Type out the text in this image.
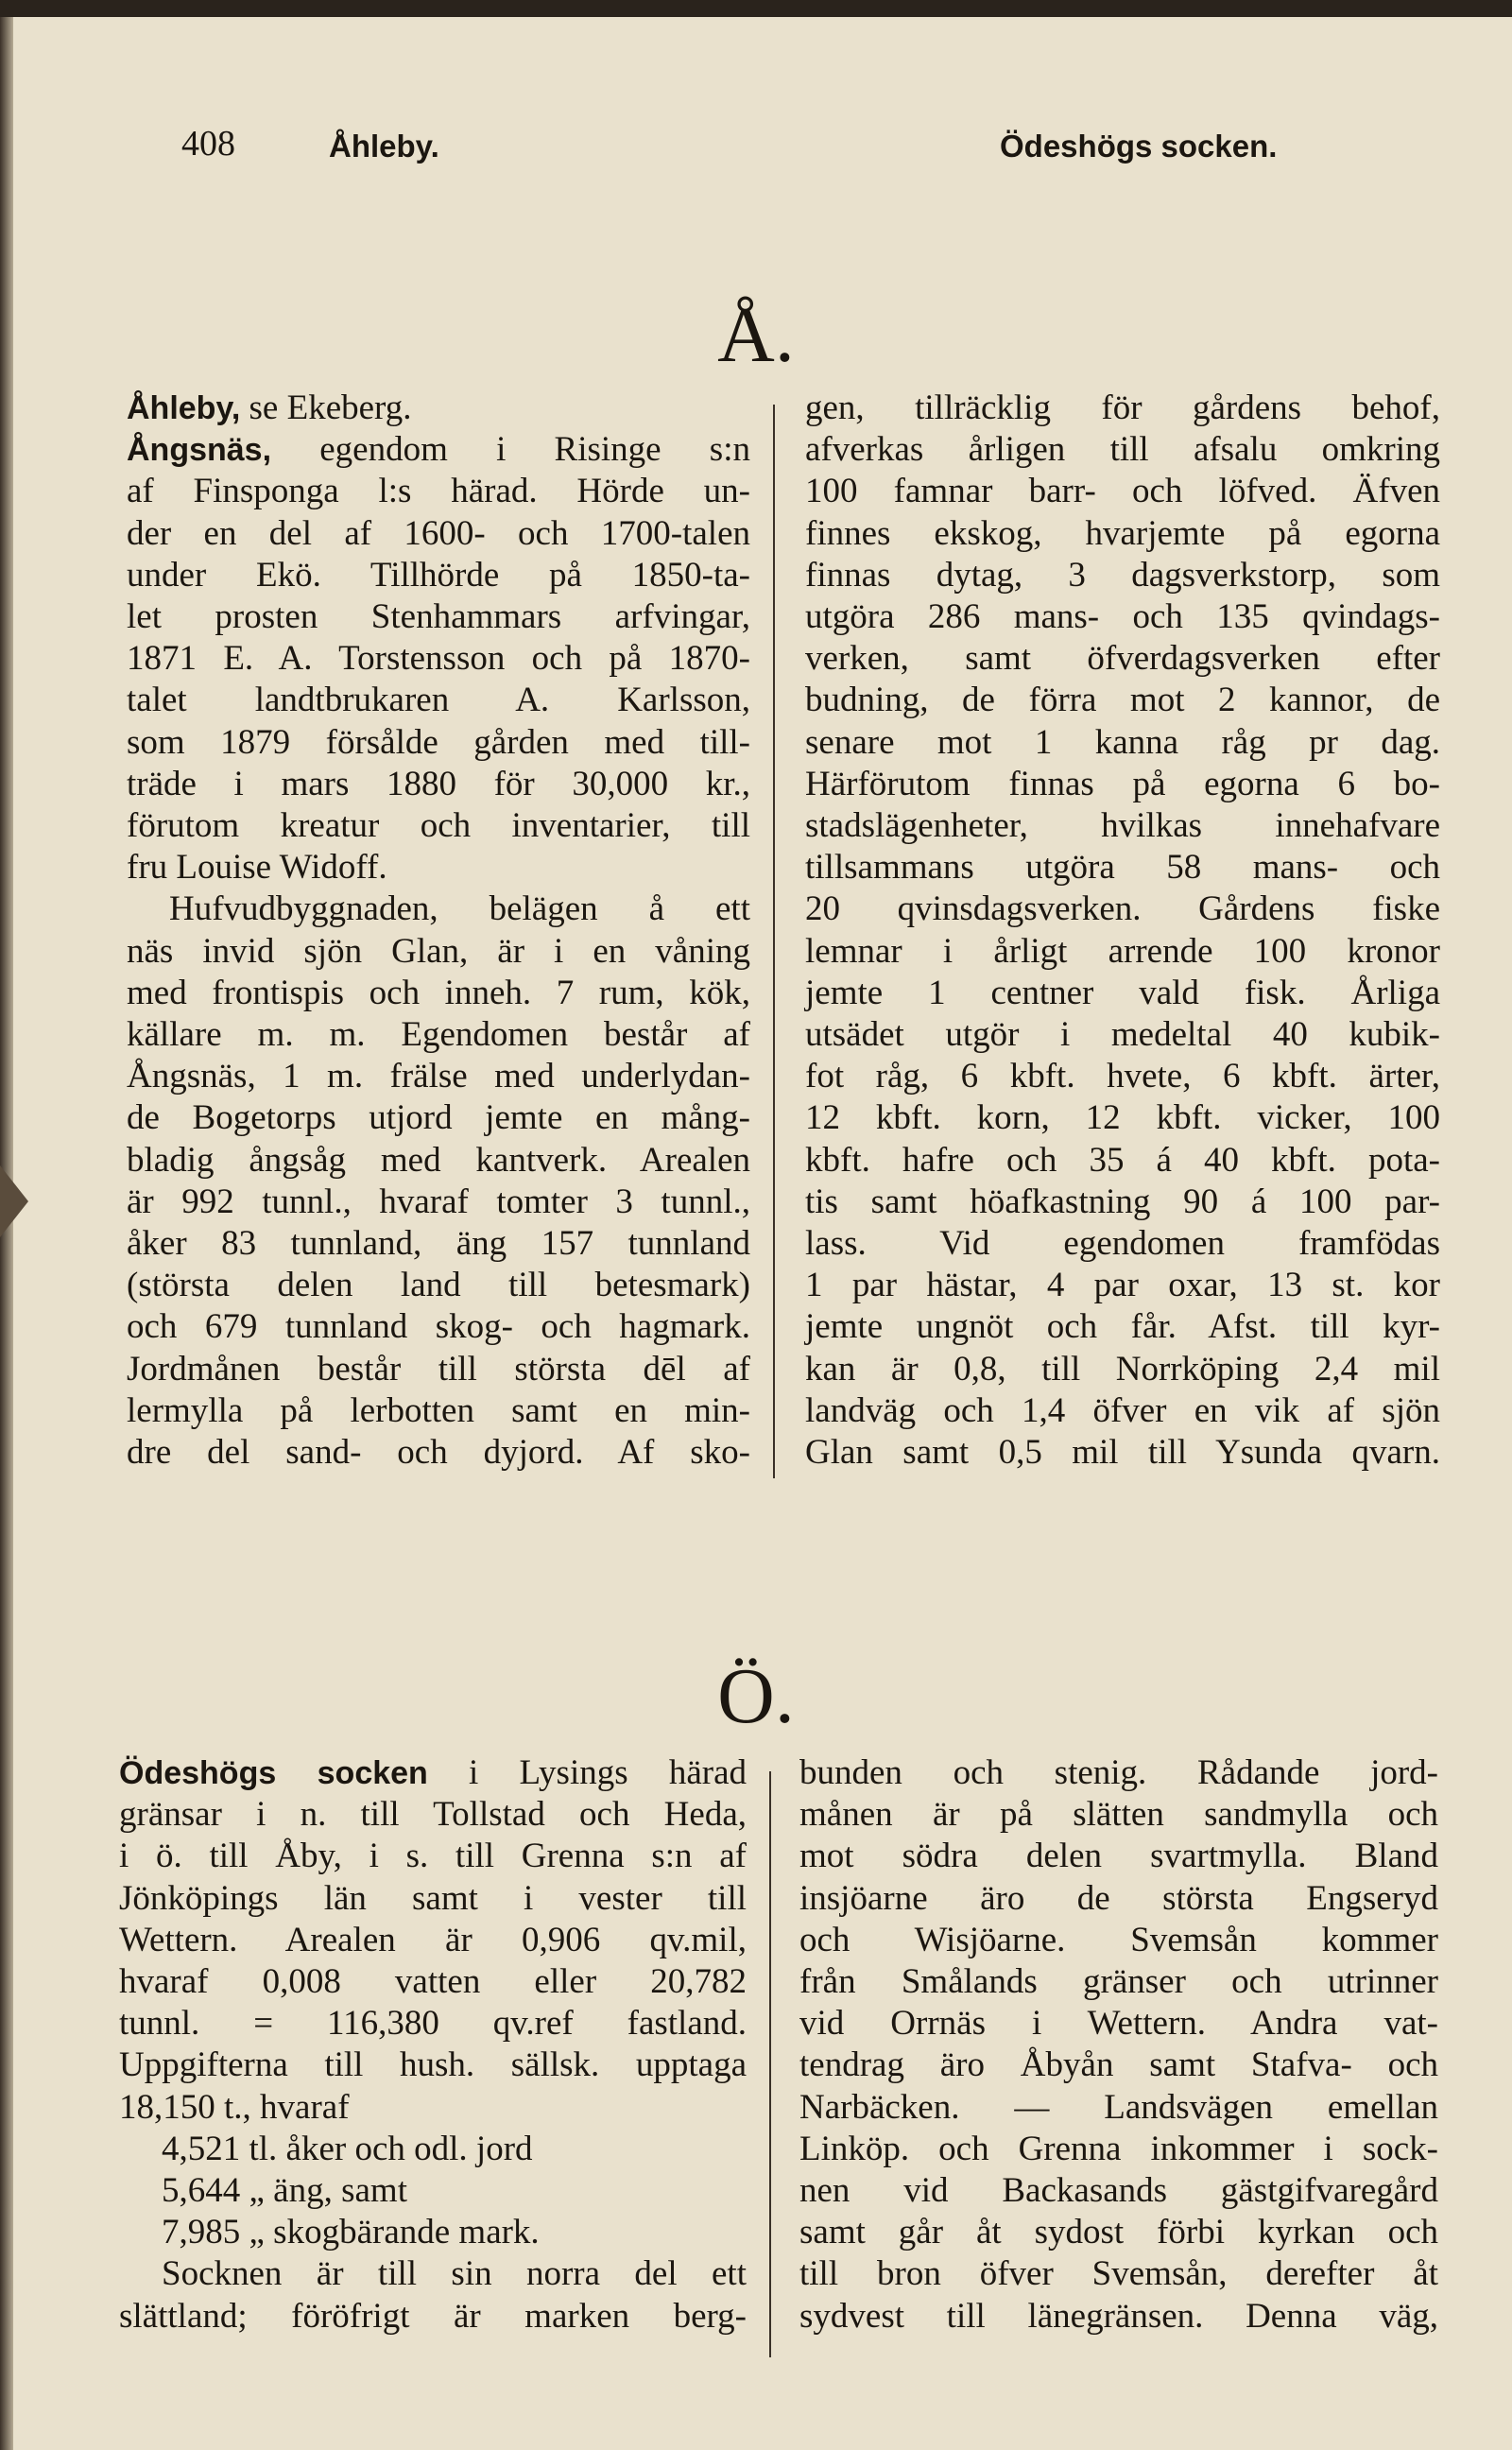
408	Åhleby.	Ödeshögs socken.
Å.
Åhleby, se Ekeberg.
Ångsnäs, egendom i Risinge s:n
af Finsponga l:s härad. Hörde un-
der en del af 1600- och 1700-talen
under Ekö. Tillhörde på 1850-ta-
let prosten Stenhammars arfvingar,
1871 E. A. Torstensson och på 1870-
talet landtbrukaren A. Karlsson,
som 1879 försålde gården med till-
träde i mars 1880 för 30,000 kr.,
förutom kreatur och inventarier, till
fru Louise Widoff.
Hufvudbyggnaden, belägen å ett
näs invid sjön Glan, är i en våning
med frontispis och inneh. 7 rum, kök,
källare m. m. Egendomen består af
Ångsnäs, 1 m. frälse med underlydan-
de Bogetorps utjord jemte en mång-
bladig ångsåg med kantverk. Arealen
är 992 tunnl., hvaraf tomter 3 tunnl.,
åker 83 tunnland, äng 157 tunnland
(största delen land till betesmark)
och 679 tunnland skog- och hagmark.
Jordmånen består till största dēl af
lermylla på lerbotten samt en min-
dre del sand- och dyjord. Af sko-
gen, tillräcklig för gårdens behof,
afverkas årligen till afsalu omkring
100 famnar barr- och löfved. Äfven
finnes ekskog, hvarjemte på egorna
finnas dytag, 3 dagsverkstorp, som
utgöra 286 mans- och 135 qvindags-
verken, samt öfverdagsverken efter
budning, de förra mot 2 kannor, de
senare mot 1 kanna råg pr dag.
Härförutom finnas på egorna 6 bo-
stadslägenheter, hvilkas innehafvare
tillsammans utgöra 58 mans- och
20 qvinsdagsverken. Gårdens fiske
lemnar i årligt arrende 100 kronor
jemte 1 centner vald fisk. Årliga
utsädet utgör i medeltal 40 kubik-
fot råg, 6 kbft. hvete, 6 kbft. ärter,
12 kbft. korn, 12 kbft. vicker, 100
kbft. hafre och 35 á 40 kbft. pota-
tis samt höafkastning 90 á 100 par-
lass. Vid egendomen framfödas
1 par hästar, 4 par oxar, 13 st. kor
jemte ungnöt och får. Afst. till kyr-
kan är 0,8, till Norrköping 2,4 mil
landväg och 1,4 öfver en vik af sjön
Glan samt 0,5 mil till Ysunda qvarn.
Ö.
Ödeshögs socken i Lysings härad
gränsar i n. till Tollstad och Heda,
i ö. till Åby, i s. till Grenna s:n af
Jönköpings län samt i vester till
Wettern. Arealen är 0,906 qv.mil,
hvaraf 0,008 vatten eller 20,782
tunnl. = 116,380 qv.ref fastland.
Uppgifterna till hush. sällsk. upptaga
18,150 t., hvaraf
4,521 tl. åker och odl. jord
5,644 „ äng, samt
7,985 „ skogbärande mark.
Socknen är till sin norra del ett
slättland; föröfrigt är marken berg-
bunden och stenig. Rådande jord-
månen är på slätten sandmylla och
mot södra delen svartmylla. Bland
insjöarne äro de största Engseryd
och Wisjöarne. Svemsån kommer
från Smålands gränser och utrinner
vid Orrnäs i Wettern. Andra vat-
tendrag äro Åbyån samt Stafva- och
Narbäcken. — Landsvägen emellan
Linköp. och Grenna inkommer i sock-
nen vid Backasands gästgifvaregård
samt går åt sydost förbi kyrkan och
till bron öfver Svemsån, derefter åt
sydvest till länegränsen. Denna väg,
